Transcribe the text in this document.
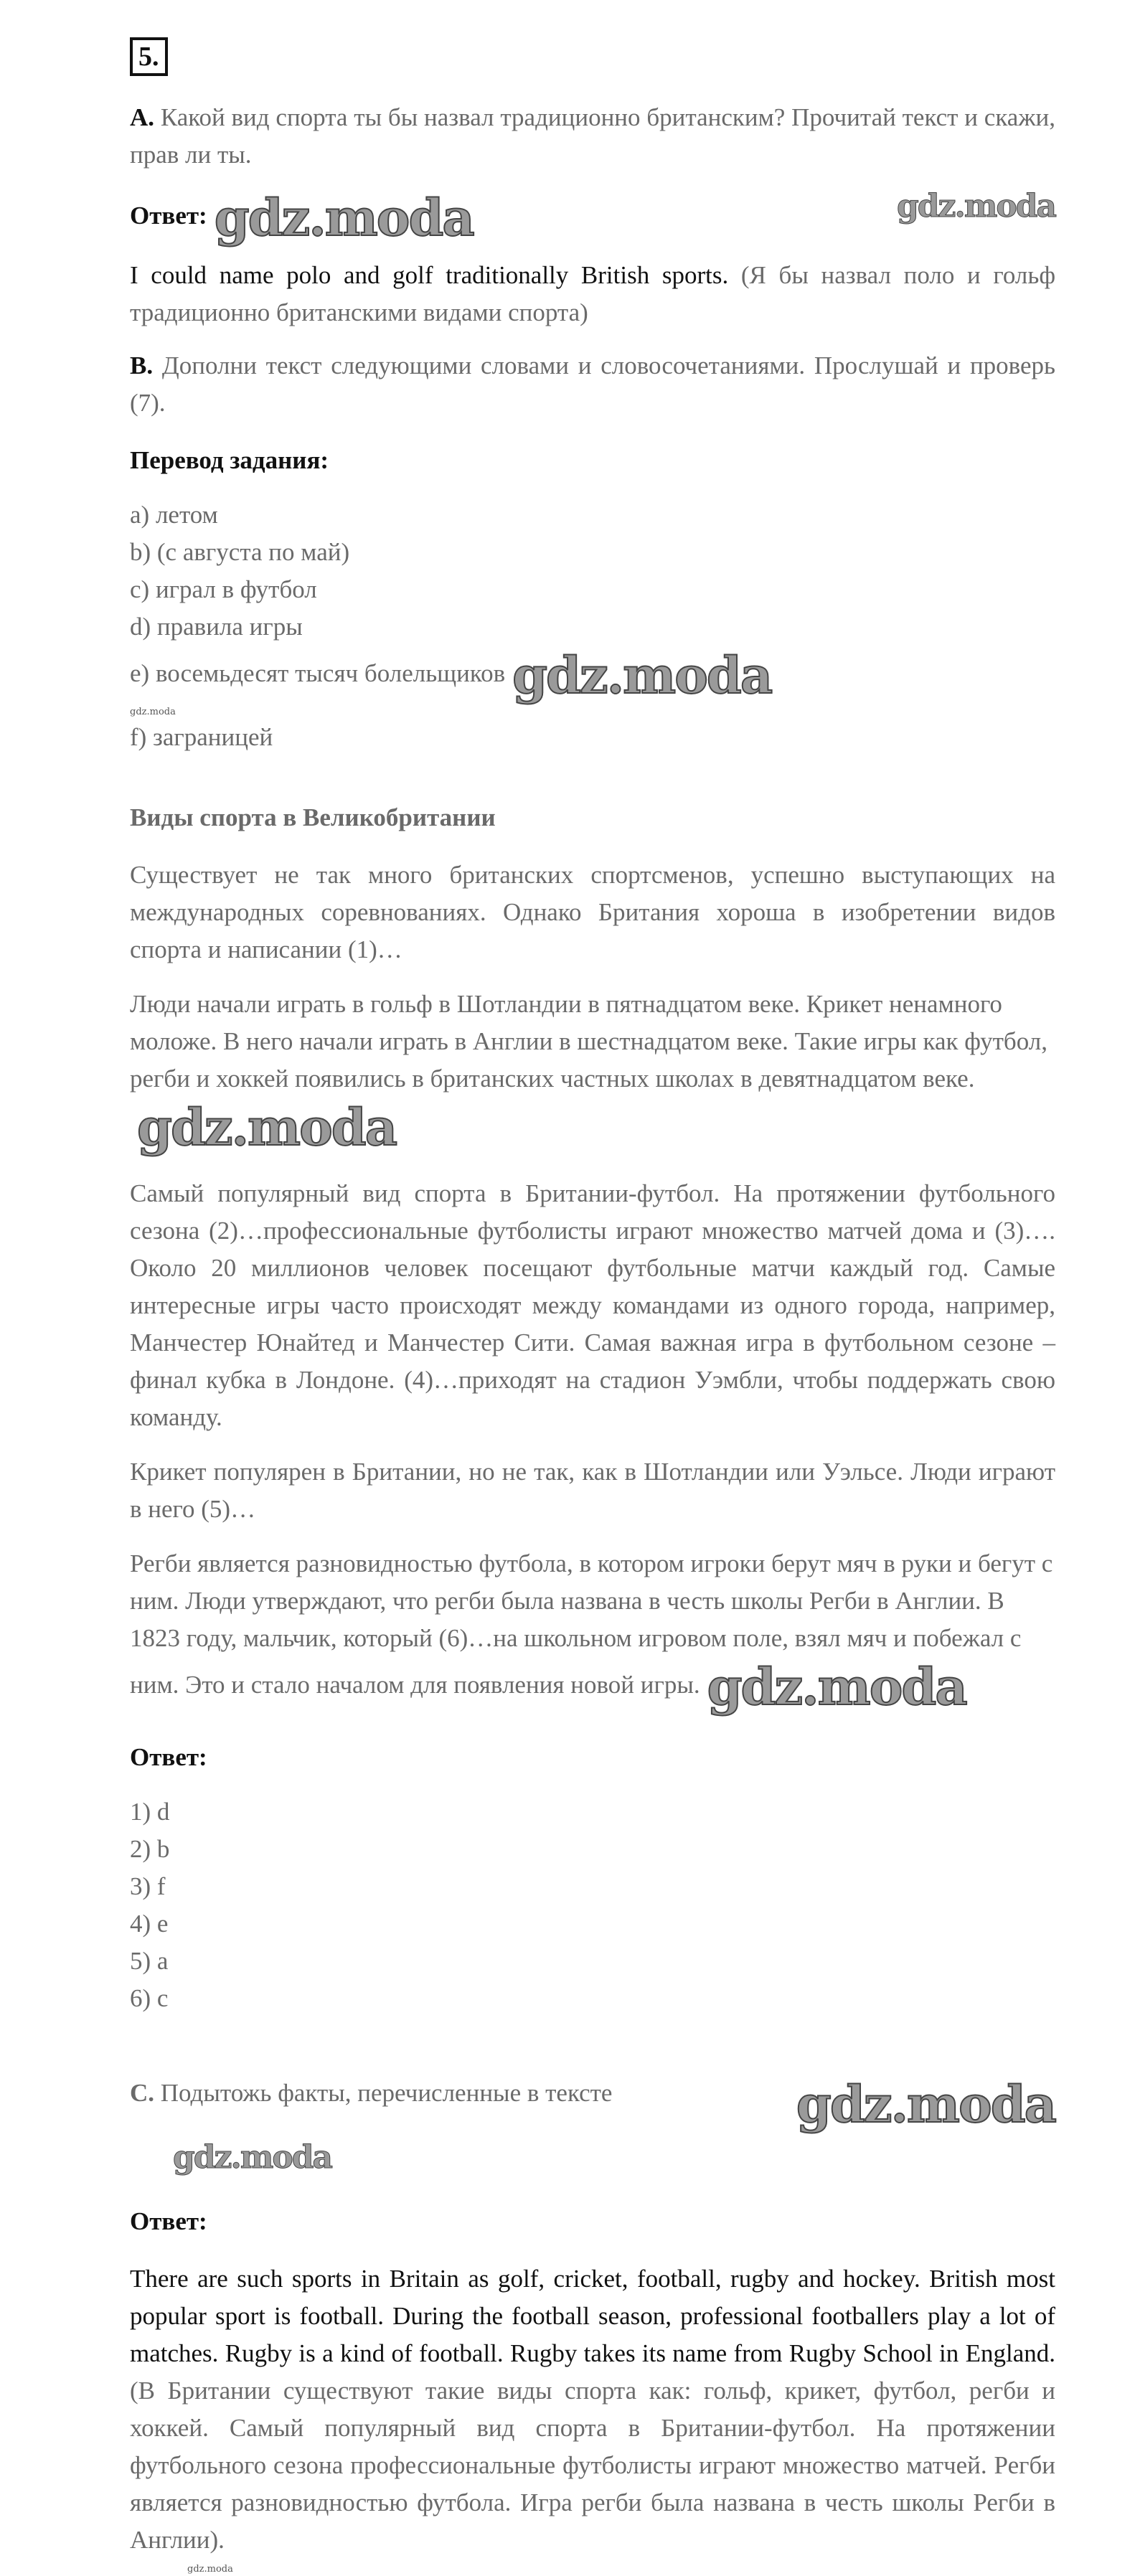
5.

A. Какой вид спорта ты бы назвал традиционно британским? Прочитай текст и скажи, прав ли ты.

Ответ: gdz.moda	gdz.moda

I could name polo and golf traditionally British sports. (Я бы назвал поло и гольф традиционно британскими видами спорта)

B. Дополни текст следующими словами и словосочетаниями. Прослушай и проверь (7).

Перевод задания:

a) летом

b) (с августа по май)

c) играл в футбол

d) правила игры

e) восемьдесят тысяч болельщиков gdz.moda

gdz.moda

f) заграницей

Виды спорта в Великобритании

Существует не так много британских спортсменов, успешно выступающих на международных соревнованиях. Однако Британия хороша в изобретении видов спорта и написании (1)…

Люди начали играть в гольф в Шотландии в пятнадцатом веке. Крикет ненамного моложе. В него начали играть в Англии в шестнадцатом веке. Такие игры как футбол, регби и хоккей появились в британских частных школах в девятнадцатом веке.gdz.moda

Самый популярный вид спорта в Британии-футбол. На протяжении футбольного сезона (2)…профессиональные футболисты играют множество матчей дома и (3)…. Около 20 миллионов человек посещают футбольные матчи каждый год. Самые интересные игры часто происходят между командами из одного города, например, Манчестер Юнайтед и Манчестер Сити. Самая важная игра в футбольном сезоне – финал кубка в Лондоне. (4)…приходят на стадион Уэмбли, чтобы поддержать свою команду.

Крикет популярен в Британии, но не так, как в Шотландии или Уэльсе. Люди играют в него (5)…

Регби является разновидностью футбола, в котором игроки берут мяч в руки и бегут с ним. Люди утверждают, что регби была названа в честь школы Регби в Англии. В 1823 году, мальчик, который (6)…на школьном игровом поле, взял мяч и побежал с ним. Это и стало началом для появления новой игры. gdz.moda

Ответ:

1) d

2) b

3) f

4) e

5) a

6) c

C. Подытожь факты, перечисленные в тексте	gdz.moda

gdz.moda

Ответ:

There are such sports in Britain as golf, cricket, football, rugby and hockey. British most popular sport is football. During the football season, professional footballers play a lot of matches. Rugby is a kind of football. Rugby takes its name from Rugby School in England. (В Британии существуют такие виды спорта как: гольф, крикет, футбол, регби и хоккей. Самый популярный вид спорта в Британии-футбол. На протяжении футбольного сезона профессиональные футболисты играют множество матчей. Регби является разновидностью футбола. Игра регби была названа в честь школы Регби в Англии).

gdz.moda
